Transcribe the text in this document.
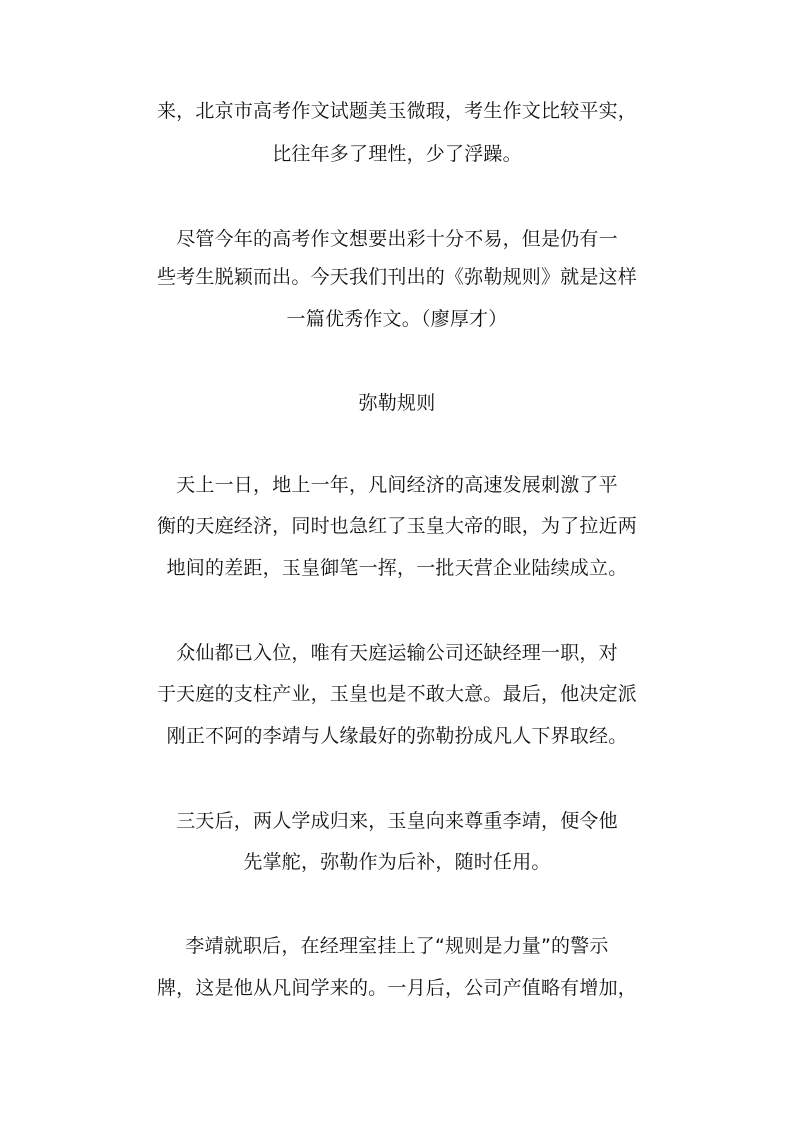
来，北京市高考作文试题美玉微瑕，考生作文比较平实，
比往年多了理性，少了浮躁。
尽管今年的高考作文想要出彩十分不易，但是仍有一
些考生脱颖而出。今天我们刊出的《弥勒规则》就是这样
一篇优秀作文。（廖厚才）
弥勒规则
天上一日，地上一年，凡间经济的高速发展刺激了平
衡的天庭经济，同时也急红了玉皇大帝的眼，为了拉近两
地间的差距，玉皇御笔一挥，一批天营企业陆续成立。
众仙都已入位，唯有天庭运输公司还缺经理一职，对
于天庭的支柱产业，玉皇也是不敢大意。最后，他决定派
刚正不阿的李靖与人缘最好的弥勒扮成凡人下界取经。
三天后，两人学成归来，玉皇向来尊重李靖，便令他
先掌舵，弥勒作为后补，随时任用。
李靖就职后，在经理室挂上了“规则是力量”的警示
牌，这是他从凡间学来的。一月后，公司产值略有增加，
